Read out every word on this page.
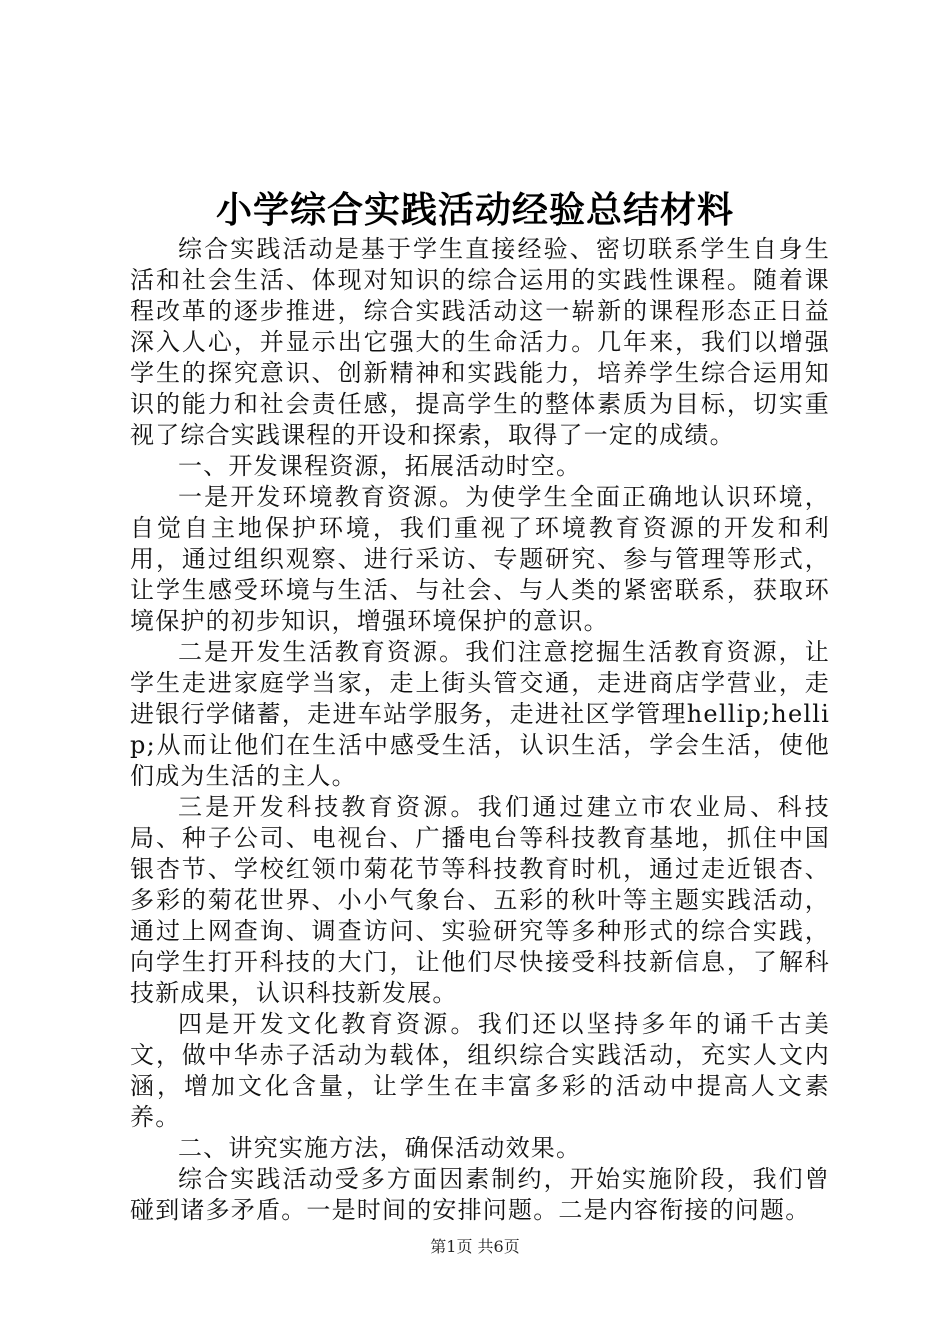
小学综合实践活动经验总结材料

综合实践活动是基于学生直接经验、密切联系学生自身生活和社会生活、体现对知识的综合运用的实践性课程。随着课程改革的逐步推进，综合实践活动这一崭新的课程形态正日益深入人心，并显示出它强大的生命活力。几年来，我们以增强学生的探究意识、创新精神和实践能力，培养学生综合运用知识的能力和社会责任感，提高学生的整体素质为目标，切实重视了综合实践课程的开设和探索，取得了一定的成绩。

一、开发课程资源，拓展活动时空。

一是开发环境教育资源。为使学生全面正确地认识环境，自觉自主地保护环境，我们重视了环境教育资源的开发和利用，通过组织观察、进行采访、专题研究、参与管理等形式，让学生感受环境与生活、与社会、与人类的紧密联系，获取环境保护的初步知识，增强环境保护的意识。

二是开发生活教育资源。我们注意挖掘生活教育资源，让学生走进家庭学当家，走上街头管交通，走进商店学营业，走进银行学储蓄，走进车站学服务，走进社区学管理hellip;hellip;从而让他们在生活中感受生活，认识生活，学会生活，使他们成为生活的主人。

三是开发科技教育资源。我们通过建立市农业局、科技局、种子公司、电视台、广播电台等科技教育基地，抓住中国银杏节、学校红领巾菊花节等科技教育时机，通过走近银杏、多彩的菊花世界、小小气象台、五彩的秋叶等主题实践活动，通过上网查询、调查访问、实验研究等多种形式的综合实践，向学生打开科技的大门，让他们尽快接受科技新信息，了解科技新成果，认识科技新发展。

四是开发文化教育资源。我们还以坚持多年的诵千古美文，做中华赤子活动为载体，组织综合实践活动，充实人文内涵，增加文化含量，让学生在丰富多彩的活动中提高人文素养。

二、讲究实施方法，确保活动效果。

综合实践活动受多方面因素制约，开始实施阶段，我们曾碰到诸多矛盾。一是时间的安排问题。二是内容衔接的问题。

第1页 共6页
